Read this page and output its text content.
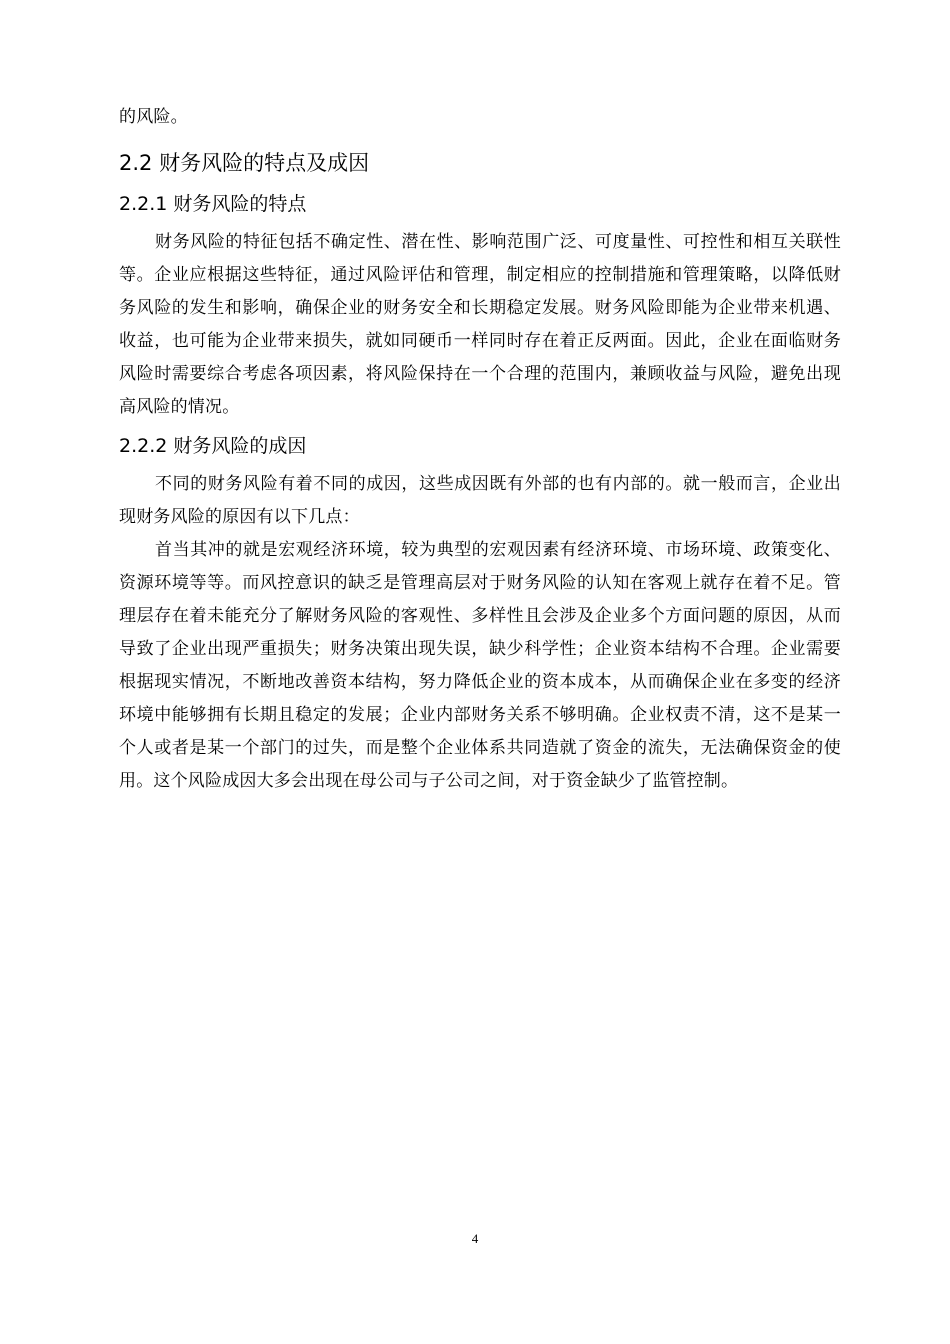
的风险。

2.2 财务风险的特点及成因
2.2.1 财务风险的特点

财务风险的特征包括不确定性、潜在性、影响范围广泛、可度量性、可控性和相互关联性等。企业应根据这些特征，通过风险评估和管理，制定相应的控制措施和管理策略，以降低财务风险的发生和影响，确保企业的财务安全和长期稳定发展。财务风险即能为企业带来机遇、收益，也可能为企业带来损失，就如同硬币一样同时存在着正反两面。因此，企业在面临财务风险时需要综合考虑各项因素，将风险保持在一个合理的范围内，兼顾收益与风险，避免出现高风险的情况。

2.2.2 财务风险的成因

不同的财务风险有着不同的成因，这些成因既有外部的也有内部的。就一般而言，企业出现财务风险的原因有以下几点：

首当其冲的就是宏观经济环境，较为典型的宏观因素有经济环境、市场环境、政策变化、资源环境等等。而风控意识的缺乏是管理高层对于财务风险的认知在客观上就存在着不足。管理层存在着未能充分了解财务风险的客观性、多样性且会涉及企业多个方面问题的原因，从而导致了企业出现严重损失；财务决策出现失误，缺少科学性；企业资本结构不合理。企业需要根据现实情况，不断地改善资本结构，努力降低企业的资本成本，从而确保企业在多变的经济环境中能够拥有长期且稳定的发展；企业内部财务关系不够明确。企业权责不清，这不是某一个人或者是某一个部门的过失，而是整个企业体系共同造就了资金的流失，无法确保资金的使用。这个风险成因大多会出现在母公司与子公司之间，对于资金缺少了监管控制。

4
